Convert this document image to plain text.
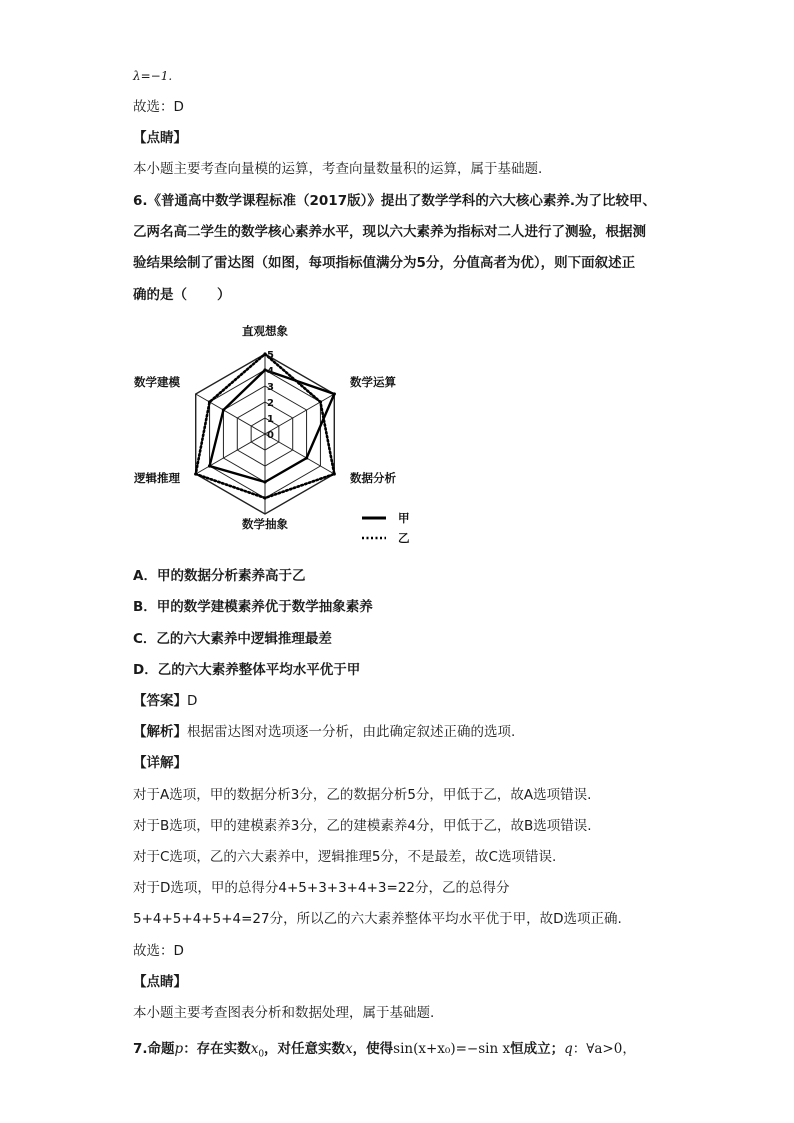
λ=−1.
故选：D
【点睛】
本小题主要考查向量模的运算，考查向量数量积的运算，属于基础题.
6.《普通高中数学课程标准（2017版）》提出了数学学科的六大核心素养.为了比较甲、
乙两名高二学生的数学核心素养水平，现以六大素养为指标对二人进行了测验，根据测
验结果绘制了雷达图（如图，每项指标值满分为5分，分值高者为优），则下面叙述正
确的是（ ）
0
1
2
3
4
5
直观想象
数学运算
数据分析
数学抽象
逻辑推理
数学建模
甲
乙
A．甲的数据分析素养高于乙
B．甲的数学建模素养优于数学抽象素养
C．乙的六大素养中逻辑推理最差
D．乙的六大素养整体平均水平优于甲
【答案】D
【解析】根据雷达图对选项逐一分析，由此确定叙述正确的选项.
【详解】
对于A选项，甲的数据分析3分，乙的数据分析5分，甲低于乙，故A选项错误.
对于B选项，甲的建模素养3分，乙的建模素养4分，甲低于乙，故B选项错误.
对于C选项，乙的六大素养中，逻辑推理5分，不是最差，故C选项错误.
对于D选项，甲的总得分4+5+3+3+4+3=22分，乙的总得分
5+4+5+4+5+4=27分，所以乙的六大素养整体平均水平优于甲，故D选项正确.
故选：D
【点睛】
本小题主要考查图表分析和数据处理，属于基础题.
7.命题p：存在实数$x_0$，对任意实数x，使得sin(x+x₀)=−sin x恒成立；q：∀a>0，
